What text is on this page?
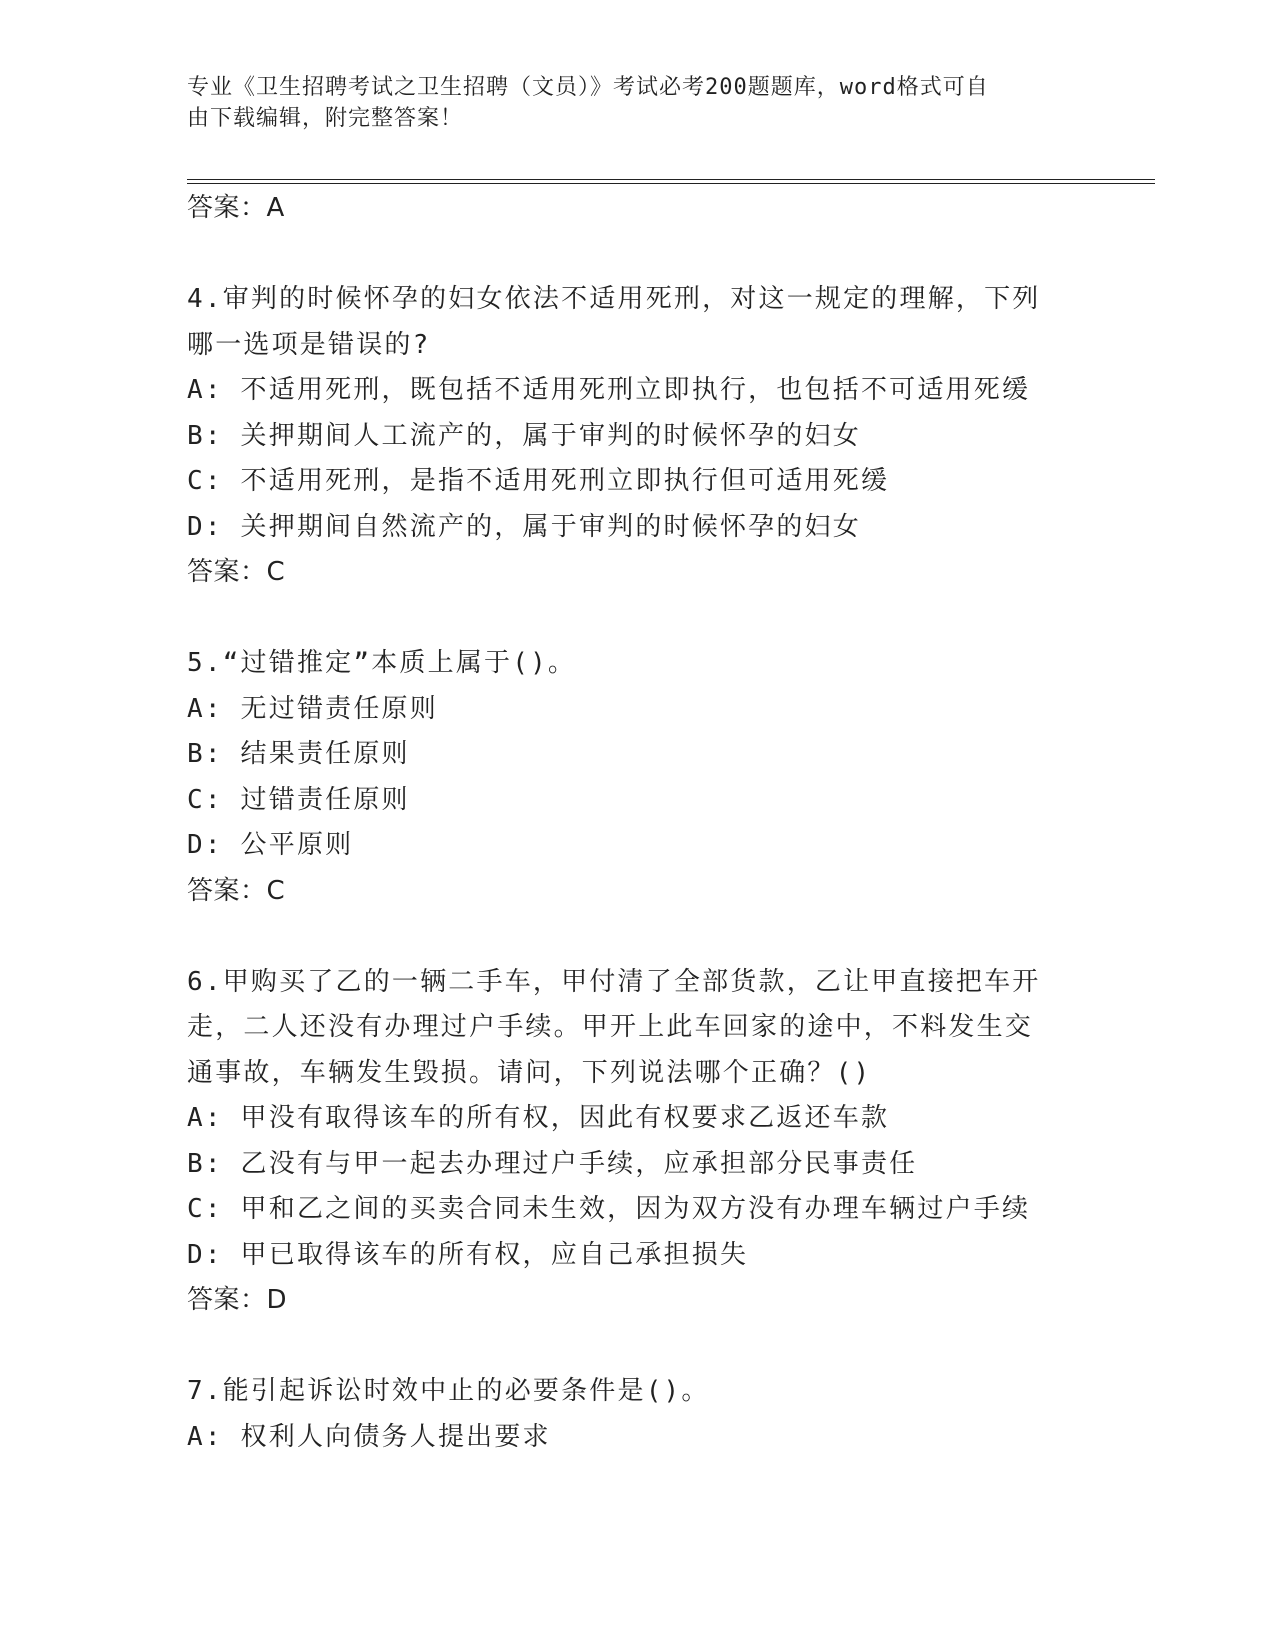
专业《卫生招聘考试之卫生招聘（文员）》考试必考200题题库，word格式可自
由下载编辑，附完整答案！
答案：A
4.审判的时候怀孕的妇女依法不适用死刑，对这一规定的理解，下列
哪一选项是错误的?
A: 不适用死刑，既包括不适用死刑立即执行，也包括不可适用死缓
B: 关押期间人工流产的，属于审判的时候怀孕的妇女
C: 不适用死刑，是指不适用死刑立即执行但可适用死缓
D: 关押期间自然流产的，属于审判的时候怀孕的妇女
答案：C
5.“过错推定”本质上属于()。
A: 无过错责任原则
B: 结果责任原则
C: 过错责任原则
D: 公平原则
答案：C
6.甲购买了乙的一辆二手车，甲付清了全部货款，乙让甲直接把车开
走，二人还没有办理过户手续。甲开上此车回家的途中，不料发生交
通事故，车辆发生毁损。请问，下列说法哪个正确？()
A: 甲没有取得该车的所有权，因此有权要求乙返还车款
B: 乙没有与甲一起去办理过户手续，应承担部分民事责任
C: 甲和乙之间的买卖合同未生效，因为双方没有办理车辆过户手续
D: 甲已取得该车的所有权，应自己承担损失
答案：D
7.能引起诉讼时效中止的必要条件是()。
A: 权利人向债务人提出要求
